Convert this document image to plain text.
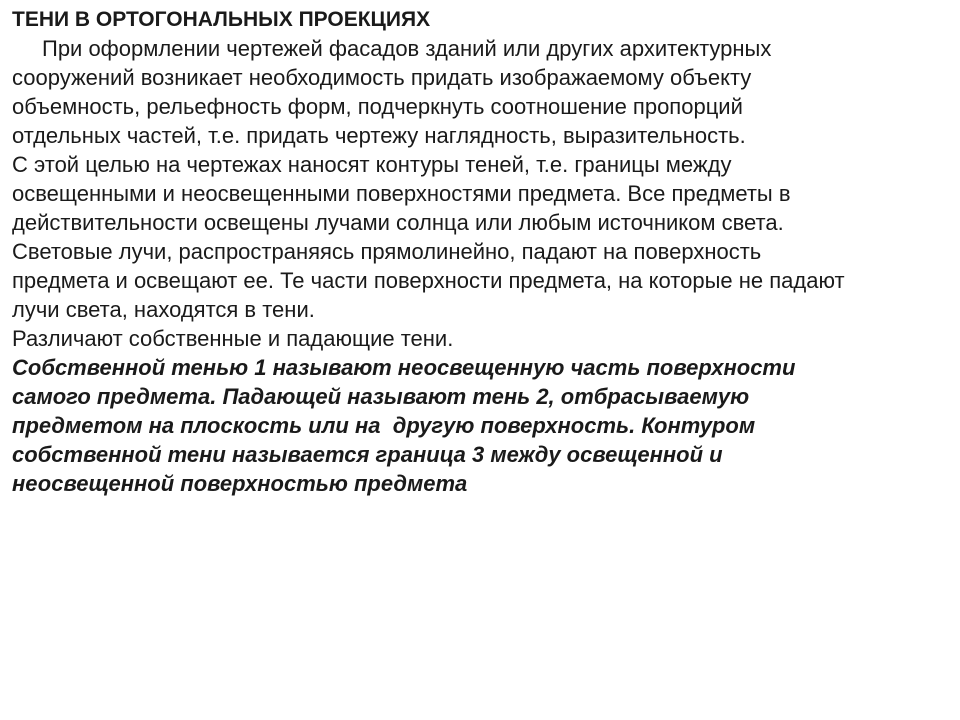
ТЕНИ В ОРТОГОНАЛЬНЫХ ПРОЕКЦИЯХ
При оформлении чертежей фасадов зданий или других архитектурных
сооружений возникает необходимость придать изображаемому объекту
объемность, рельефность форм, подчеркнуть соотношение пропорций
отдельных частей, т.е. придать чертежу наглядность, выразительность.
С этой целью на чертежах наносят контуры теней, т.е. границы между
освещенными и неосвещенными поверхностями предмета. Все предметы в
действительности освещены лучами солнца или любым источником света.
Световые лучи, распространяясь прямолинейно, падают на поверхность
предмета и освещают ее. Те части поверхности предмета, на которые не падают
лучи света, находятся в тени.
Различают собственные и падающие тени.
Собственной тенью 1 называют неосвещенную часть поверхности
самого предмета. Падающей называют тень 2, отбрасываемую
предметом на плоскость или на  другую поверхность. Контуром
собственной тени называется граница 3 между освещенной и
неосвещенной поверхностью предмета
